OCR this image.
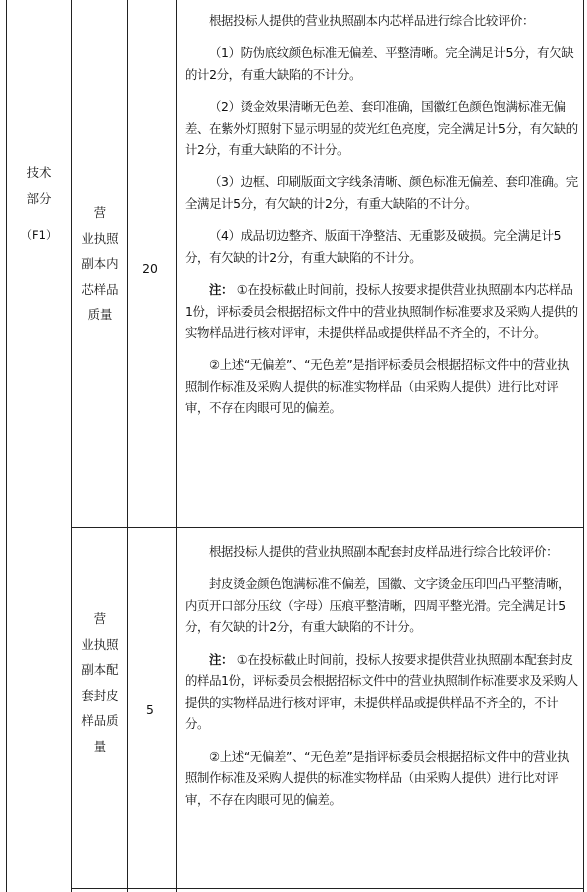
技术
部分
（F1）
营
业执照
副本内
芯样品
质量
20

根据投标人提供的营业执照副本内芯样品进行综合比较评价：

（1）防伪底纹颜色标准无偏差、平整清晰。完全满足计5分，有欠缺的计2分，有重大缺陷的不计分。

（2）烫金效果清晰无色差、套印准确，国徽红色颜色饱满标准无偏差、在紫外灯照射下显示明显的荧光红色亮度，完全满足计5分，有欠缺的计2分，有重大缺陷的不计分。

（3）边框、印刷版面文字线条清晰、颜色标准无偏差、套印准确。完全满足计5分，有欠缺的计2分，有重大缺陷的不计分。

（4）成品切边整齐、版面干净整洁、无重影及破损。完全满足计5分，有欠缺的计2分，有重大缺陷的不计分。

注： ①在投标截止时间前，投标人按要求提供营业执照副本内芯样品1份，评标委员会根据招标文件中的营业执照制作标准要求及采购人提供的实物样品进行核对评审，未提供样品或提供样品不齐全的，不计分。

②上述“无偏差”、“无色差”是指评标委员会根据招标文件中的营业执照制作标准及采购人提供的标准实物样品（由采购人提供）进行比对评审，不存在肉眼可见的偏差。

营
业执照
副本配
套封皮
样品质
量
5

根据投标人提供的营业执照副本配套封皮样品进行综合比较评价：

封皮烫金颜色饱满标准不偏差，国徽、文字烫金压印凹凸平整清晰，内页开口部分压纹（字母）压痕平整清晰，四周平整光滑。完全满足计5分，有欠缺的计2分，有重大缺陷的不计分。

注： ①在投标截止时间前，投标人按要求提供营业执照副本配套封皮的样品1份，评标委员会根据招标文件中的营业执照制作标准要求及采购人提供的实物样品进行核对评审，未提供样品或提供样品不齐全的，不计分。

②上述“无偏差”、“无色差”是指评标委员会根据招标文件中的营业执照制作标准及采购人提供的标准实物样品（由采购人提供）进行比对评审，不存在肉眼可见的偏差。
